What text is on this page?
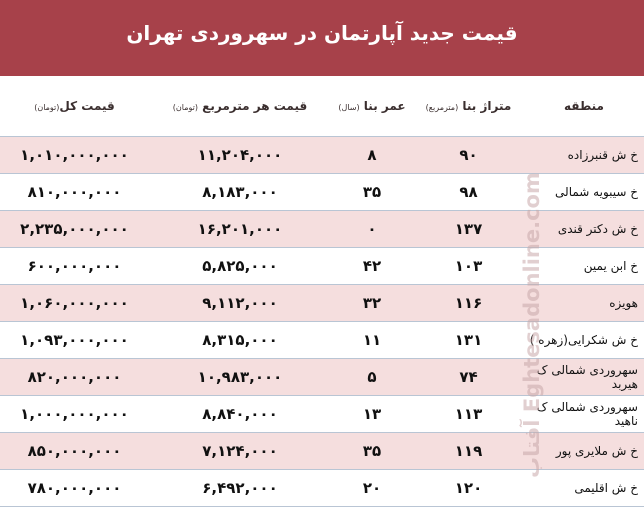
قیمت جدید آپارتمان در سهروردی تهران
منطقه	متراژ بنا (مترمربع)	عمر بنا (سال)	قیمت هر مترمربع (تومان)	قیمت کل(تومان)
خ ش قنبرزاده	۹۰	۸	۱۱,۲۰۴,۰۰۰	۱,۰۱۰,۰۰۰,۰۰۰
خ سیبویه شمالی	۹۸	۳۵	۸,۱۸۳,۰۰۰	۸۱۰,۰۰۰,۰۰۰
خ ش دکتر قندی	۱۳۷	۰	۱۶,۲۰۱,۰۰۰	۲,۲۳۵,۰۰۰,۰۰۰
خ ابن یمین	۱۰۳	۴۲	۵,۸۲۵,۰۰۰	۶۰۰,۰۰۰,۰۰۰
هویزه	۱۱۶	۳۲	۹,۱۱۲,۰۰۰	۱,۰۶۰,۰۰۰,۰۰۰
خ ش شکرایی(زهره )	۱۳۱	۱۱	۸,۳۱۵,۰۰۰	۱,۰۹۳,۰۰۰,۰۰۰
سهروردی شمالی ک هیربد	۷۴	۵	۱۰,۹۸۳,۰۰۰	۸۲۰,۰۰۰,۰۰۰
سهروردی شمالی ک ناهید	۱۱۳	۱۳	۸,۸۴۰,۰۰۰	۱,۰۰۰,۰۰۰,۰۰۰
خ ش ملایری پور	۱۱۹	۳۵	۷,۱۲۴,۰۰۰	۸۵۰,۰۰۰,۰۰۰
خ ش اقلیمی	۱۲۰	۲۰	۶,۴۹۲,۰۰۰	۷۸۰,۰۰۰,۰۰۰
آفتاب Eghtesadonline.com
